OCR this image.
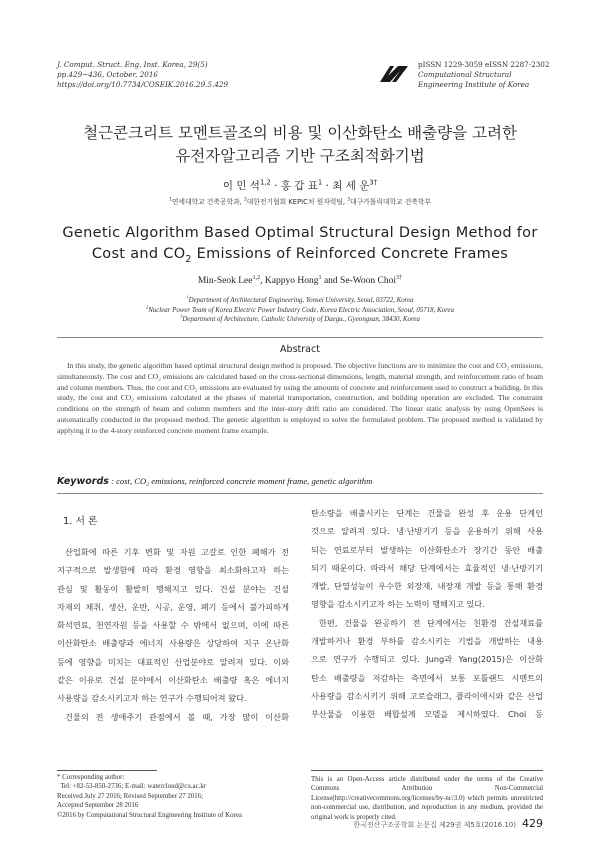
J. Comput. Struct. Eng. Inst. Korea, 29(5)
pp.429~436, October, 2016
https://doi.org/10.7734/COSEIK.2016.29.5.429
pISSN 1229-3059 eISSN 2287-2302
Computational Structural
Engineering Institute of Korea
철근콘크리트 모멘트골조의 비용 및 이산화탄소 배출량을 고려한
유전자알고리즘 기반 구조최적화기법
이 민 석$^{1,2}$ · 홍 갑 표$^1$ · 최 세 운$^{3\dagger}$
$^1$연세대학교 건축공학과, $^2$대한전기협회 KEPIC처 원자력팀, $^3$대구가톨릭대학교 건축학부
Genetic Algorithm Based Optimal Structural Design Method for
Cost and $CO_2$ Emissions of Reinforced Concrete Frames
Min-Seok Lee$^{1,2}$, Kappyo Hong$^1$ and Se-Woon Choi$^{3\dagger}$
$^1$Department of Architectural Engineering, Yonsei University, Seoul, 03722, Korea
$^2$Nuclear Power Team of Korea Electric Power Industry Code, Korea Electric Association, Seoul, 05718, Korea
$^3$Department of Architecture, Catholic University of Daegu., Gyeongsan, 38430, Korea
Abstract
In this study, the genetic algorithm based optimal structural design method is proposed. The objective functions are to minimize the cost and CO₂ emissions, simultaneously. The cost and CO₂ emissions are calculated based on the cross-sectional dimensions, length, material strength, and reinforcement ratio of beam and column members. Thus, the cost and CO₂ emissions are evaluated by using the amounts of concrete and reinforcement used to construct a building. In this study, the cost and CO₂ emissions calculated at the phases of material transportation, construction, and building operation are excluded. The constraint conditions on the strength of beam and column members and the inter-story drift ratio are considered. The linear static analysis by using OpenSees is automatically conducted in the proposed method. The genetic algorithm is employed to solve the formulated problem. The proposed method is validated by applying it to the 4-story reinforced concrete moment frame example.
Keywords : cost, CO₂ emissions, reinforced concrete moment frame, genetic algorithm
1. 서 론

산업화에 따른 기후 변화 및 자원 고갈로 인한 폐해가 전

지구적으로 발생함에 따라 환경 영향을 최소화하고자 하는

관심 및 활동이 활발히 행해지고 있다. 건설 분야는 건설

자재의 채취, 생산, 운반, 시공, 운영, 폐기 등에서 불가피하게

화석연료, 천연자원 등을 사용할 수 밖에서 없으며, 이에 따른

이산화탄소 배출량과 에너지 사용량은 상당하여 지구 온난화

등에 영향을 미치는 대표적인 산업분야로 알려져 있다. 이와

같은 이유로 건설 분야에서 이산화탄소 배출량 혹은 에너지

사용량을 감소시키고자 하는 연구가 수행되어져 왔다.

건물의 전 생애주기 관점에서 볼 때, 가장 많이 이산화

탄소량을 배출시키는 단계는 건물을 완성 후 운용 단계인

것으로 알려져 있다. 냉·난방기기 등을 운용하기 위해 사용

되는 연료로부터 발생하는 이산화탄소가 장기간 동안 배출

되기 때문이다. 따라서 해당 단계에서는 효율적인 냉·난방기기

개발, 단열성능이 우수한 외장재, 내장재 개발 등을 통해 환경

영향을 감소시키고자 하는 노력이 행해지고 있다.

한편, 건물을 완공하기 전 단계에서는 친환경 건설재료를

개발하거나 환경 부하를 감소시키는 기법을 개발하는 내용

으로 연구가 수행되고 있다. Jung과 Yang(2015)은 이산화

탄소 배출량을 저감하는 측면에서 보통 포틀랜드 시멘트의

사용량을 감소시키기 위해 고로슬래그, 플라이애시와 같은 산업

부산물을 이용한 배합설계 모델을 제시하였다. Choi 등

* Corresponding author:
Tel: +82-53-850-2736; E-mail: watercloud@cu.ac.kr
Received July 27 2016; Revised September 27 2016;
Accepted September 28 2016
©2016 by Computational Structural Engineering Institute of Korea
This is an Open-Access article distributed under the terms of the Creative Commons Attribution Non-Commercial License(http://creativecommons.org/licenses/by-nc/3.0) which permits unrestricted non-commercial use, distribution, and reproduction in any medium, provided the original work is properly cited.
한국전산구조공학회 논문집 제29권 제5호(2016.10) 429
